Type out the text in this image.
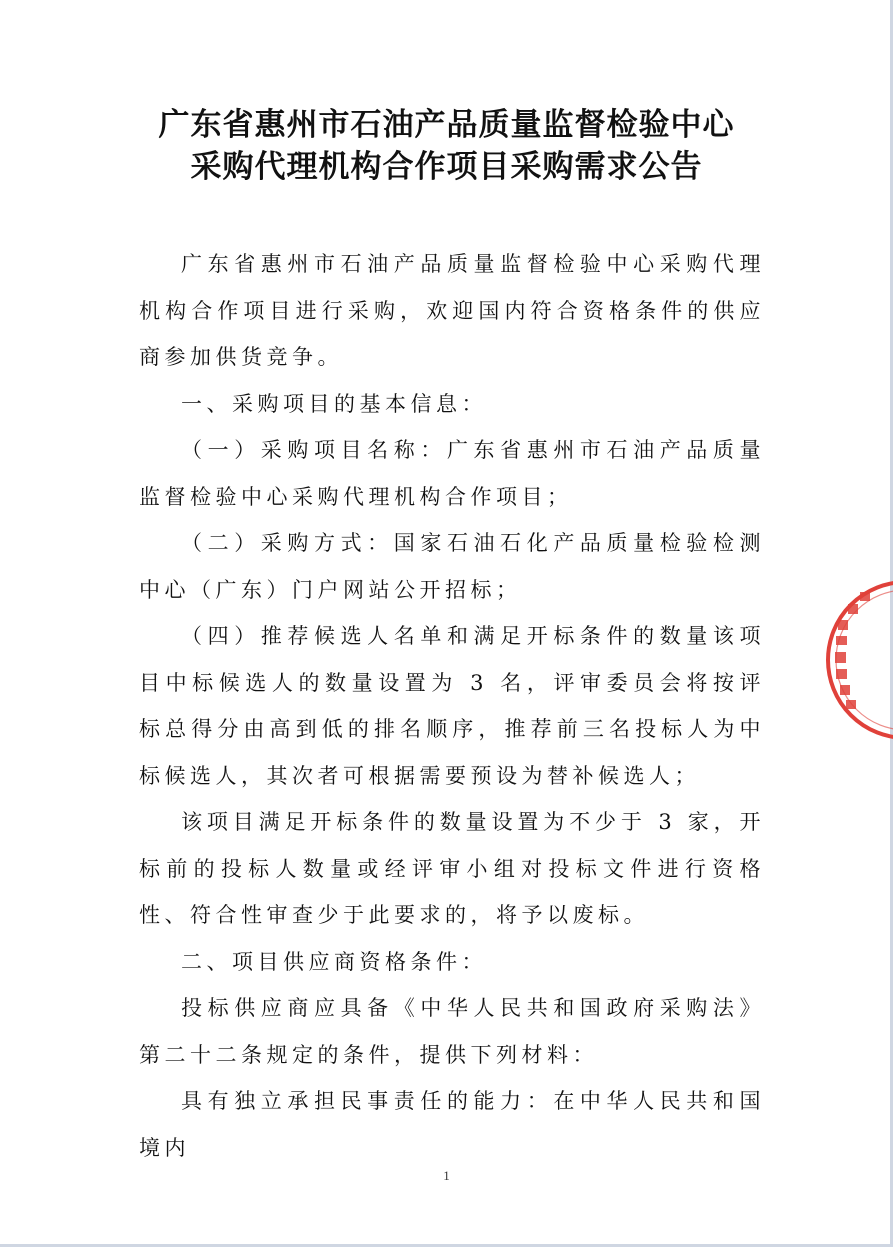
广东省惠州市石油产品质量监督检验中心
采购代理机构合作项目采购需求公告

广东省惠州市石油产品质量监督检验中心采购代理机构合作项目进行采购，欢迎国内符合资格条件的供应商参加供货竞争。

一、采购项目的基本信息：

（一）采购项目名称：广东省惠州市石油产品质量监督检验中心采购代理机构合作项目；

（二）采购方式：国家石油石化产品质量检验检测中心（广东）门户网站公开招标；

（四）推荐候选人名单和满足开标条件的数量该项目中标候选人的数量设置为 3 名，评审委员会将按评标总得分由高到低的排名顺序，推荐前三名投标人为中标候选人，其次者可根据需要预设为替补候选人；

该项目满足开标条件的数量设置为不少于 3 家，开标前的投标人数量或经评审小组对投标文件进行资格性、符合性审查少于此要求的，将予以废标。

二、项目供应商资格条件：

投标供应商应具备《中华人民共和国政府采购法》第二十二条规定的条件，提供下列材料：

具有独立承担民事责任的能力：在中华人民共和国境内

1
